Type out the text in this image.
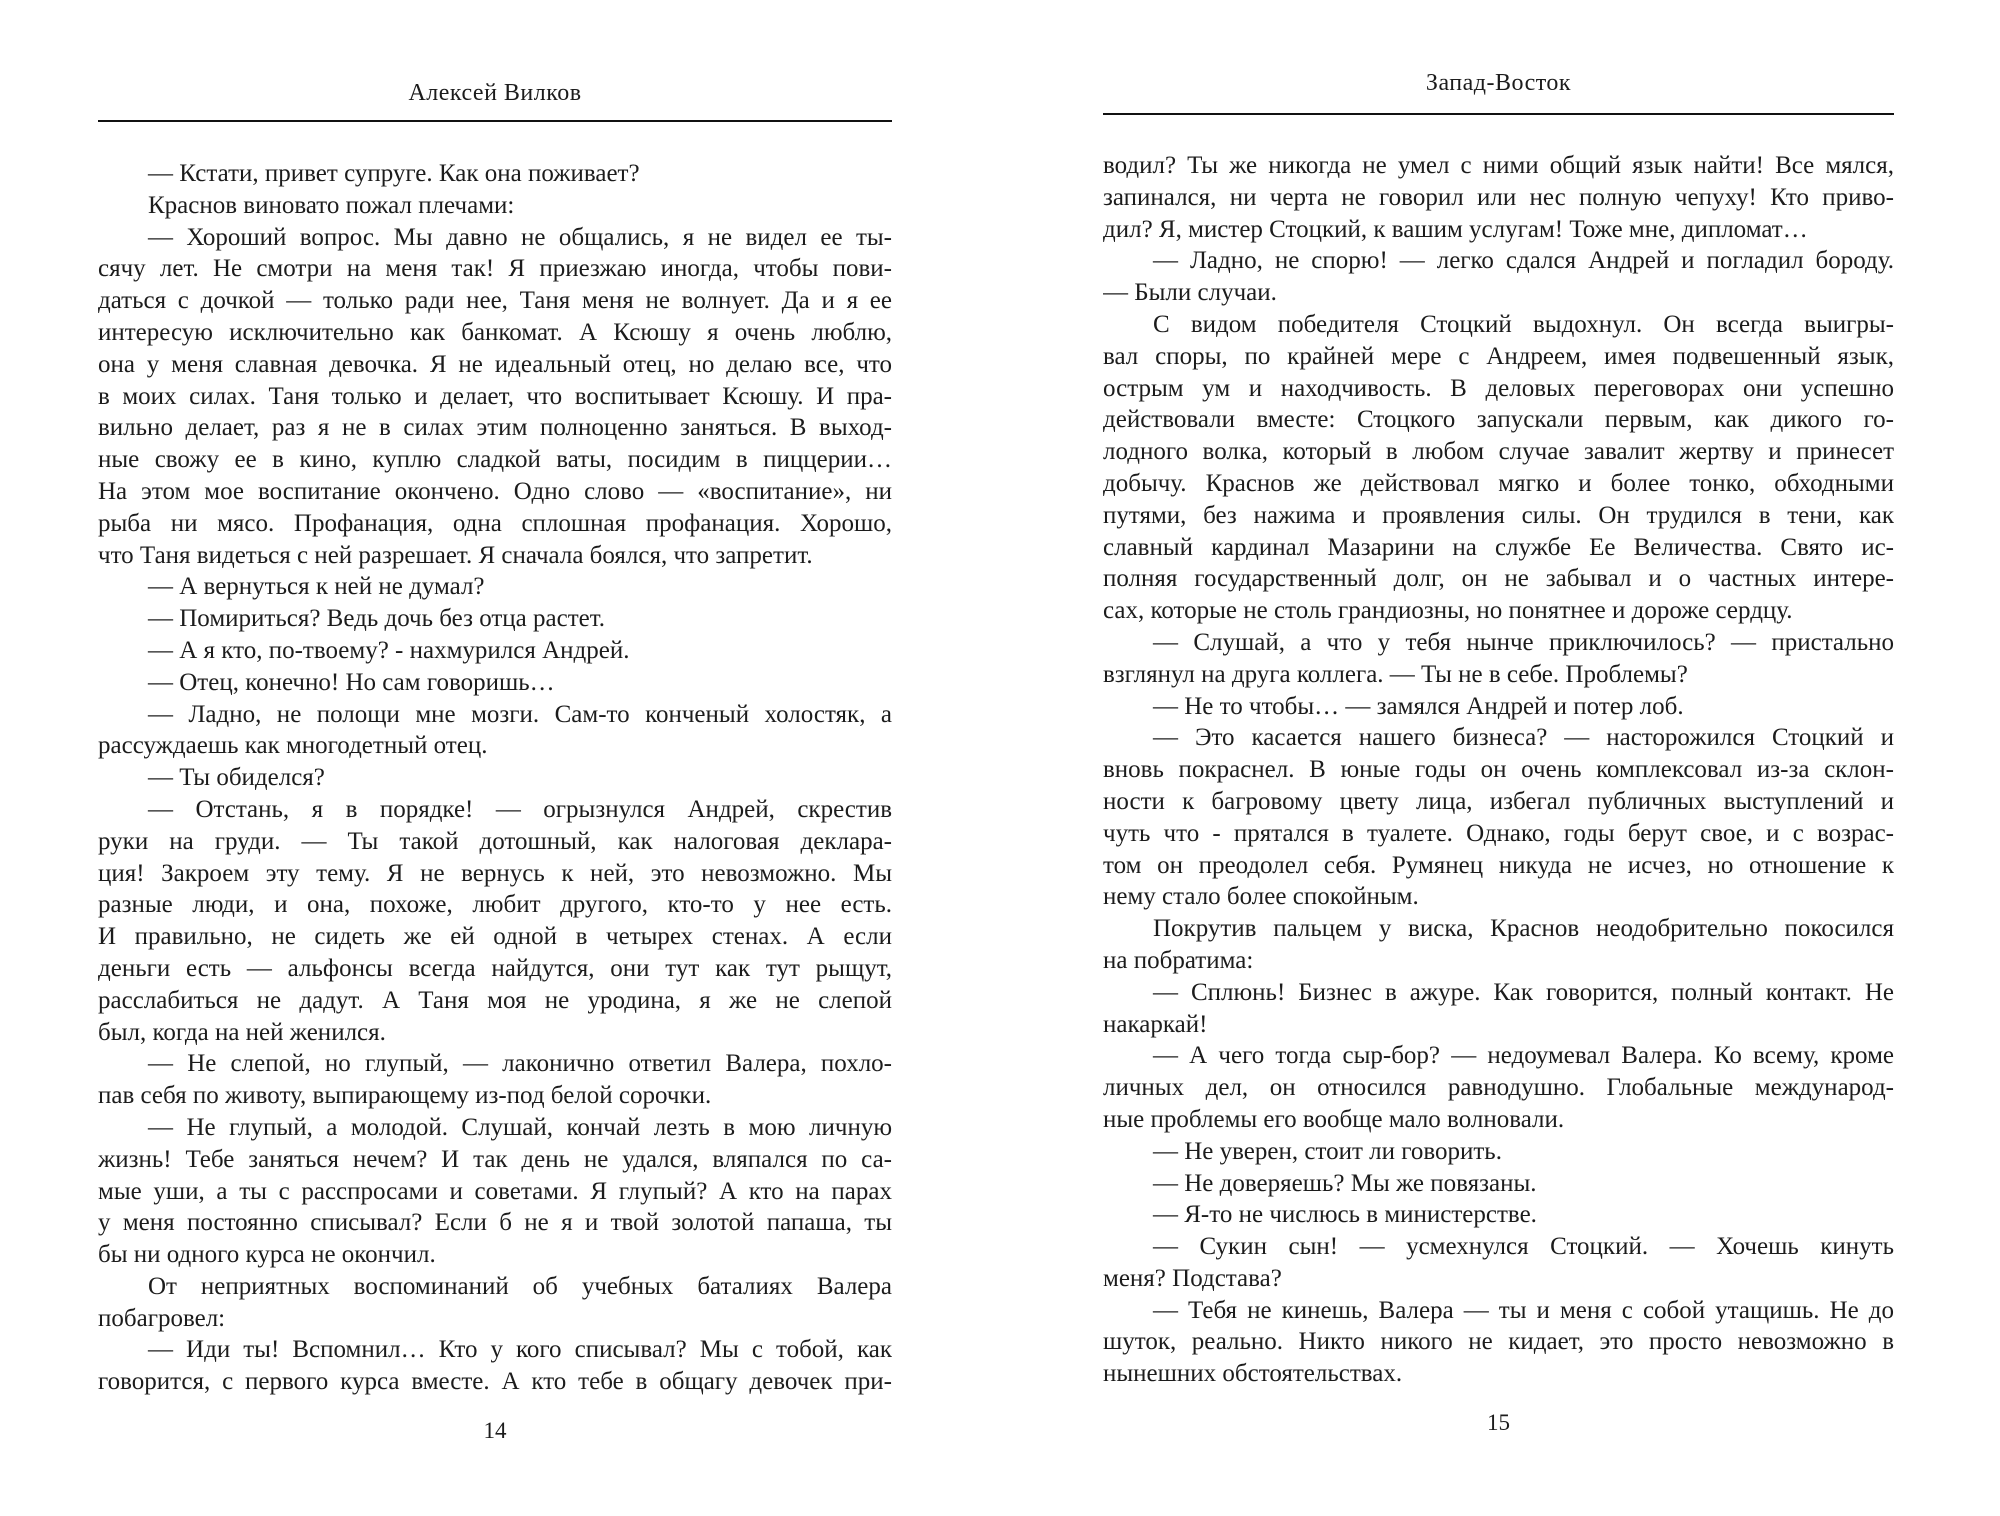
Алексей Вилков
— Кстати, привет супруге. Как она поживает?
Краснов виновато пожал плечами:
— Хороший вопрос. Мы давно не общались, я не видел ее ты-
сячу лет. Не смотри на меня так! Я приезжаю иногда, чтобы пови-
даться с дочкой — только ради нее, Таня меня не волнует. Да и я ее
интересую исключительно как банкомат. А Ксюшу я очень люблю,
она у меня славная девочка. Я не идеальный отец, но делаю все, что
в моих силах. Таня только и делает, что воспитывает Ксюшу. И пра-
вильно делает, раз я не в силах этим полноценно заняться. В выход-
ные свожу ее в кино, куплю сладкой ваты, посидим в пиццерии…
На этом мое воспитание окончено. Одно слово — «воспитание», ни
рыба ни мясо. Профанация, одна сплошная профанация. Хорошо,
что Таня видеться с ней разрешает. Я сначала боялся, что запретит.
— А вернуться к ней не думал?
— Помириться? Ведь дочь без отца растет.
— А я кто, по-твоему? - нахмурился Андрей.
— Отец, конечно! Но сам говоришь…
— Ладно, не полощи мне мозги. Сам-то конченый холостяк, а
рассуждаешь как многодетный отец.
— Ты обиделся?
— Отстань, я в порядке! — огрызнулся Андрей, скрестив
руки на груди. — Ты такой дотошный, как налоговая деклара-
ция! Закроем эту тему. Я не вернусь к ней, это невозможно. Мы
разные люди, и она, похоже, любит другого, кто-то у нее есть.
И правильно, не сидеть же ей одной в четырех стенах. А если
деньги есть — альфонсы всегда найдутся, они тут как тут рыщут,
расслабиться не дадут. А Таня моя не уродина, я же не слепой
был, когда на ней женился.
— Не слепой, но глупый, — лаконично ответил Валера, похло-
пав себя по животу, выпирающему из-под белой сорочки.
— Не глупый, а молодой. Слушай, кончай лезть в мою личную
жизнь! Тебе заняться нечем? И так день не удался, вляпался по са-
мые уши, а ты с расспросами и советами. Я глупый? А кто на парах
у меня постоянно списывал? Если б не я и твой золотой папаша, ты
бы ни одного курса не окончил.
От неприятных воспоминаний об учебных баталиях Валера
побагровел:
— Иди ты! Вспомнил… Кто у кого списывал? Мы с тобой, как
говорится, с первого курса вместе. А кто тебе в общагу девочек при-
14
Запад-Восток
водил? Ты же никогда не умел с ними общий язык найти! Все мялся,
запинался, ни черта не говорил или нес полную чепуху! Кто приво-
дил? Я, мистер Стоцкий, к вашим услугам! Тоже мне, дипломат…
— Ладно, не спорю! — легко сдался Андрей и погладил бороду.
— Были случаи.
С видом победителя Стоцкий выдохнул. Он всегда выигры-
вал споры, по крайней мере с Андреем, имея подвешенный язык,
острым ум и находчивость. В деловых переговорах они успешно
действовали вместе: Стоцкого запускали первым, как дикого го-
лодного волка, который в любом случае завалит жертву и принесет
добычу. Краснов же действовал мягко и более тонко, обходными
путями, без нажима и проявления силы. Он трудился в тени, как
славный кардинал Мазарини на службе Ее Величества. Свято ис-
полняя государственный долг, он не забывал и о частных интере-
сах, которые не столь грандиозны, но понятнее и дороже сердцу.
— Слушай, а что у тебя нынче приключилось? — пристально
взглянул на друга коллега. — Ты не в себе. Проблемы?
— Не то чтобы… — замялся Андрей и потер лоб.
— Это касается нашего бизнеса? — насторожился Стоцкий и
вновь покраснел. В юные годы он очень комплексовал из-за склон-
ности к багровому цвету лица, избегал публичных выступлений и
чуть что - прятался в туалете. Однако, годы берут свое, и с возрас-
том он преодолел себя. Румянец никуда не исчез, но отношение к
нему стало более спокойным.
Покрутив пальцем у виска, Краснов неодобрительно покосился
на побратима:
— Сплюнь! Бизнес в ажуре. Как говорится, полный контакт. Не
накаркай!
— А чего тогда сыр-бор? — недоумевал Валера. Ко всему, кроме
личных дел, он относился равнодушно. Глобальные международ-
ные проблемы его вообще мало волновали.
— Не уверен, стоит ли говорить.
— Не доверяешь? Мы же повязаны.
— Я-то не числюсь в министерстве.
— Сукин сын! — усмехнулся Стоцкий. — Хочешь кинуть
меня? Подстава?
— Тебя не кинешь, Валера — ты и меня с собой утащишь. Не до
шуток, реально. Никто никого не кидает, это просто невозможно в
нынешних обстоятельствах.
15
